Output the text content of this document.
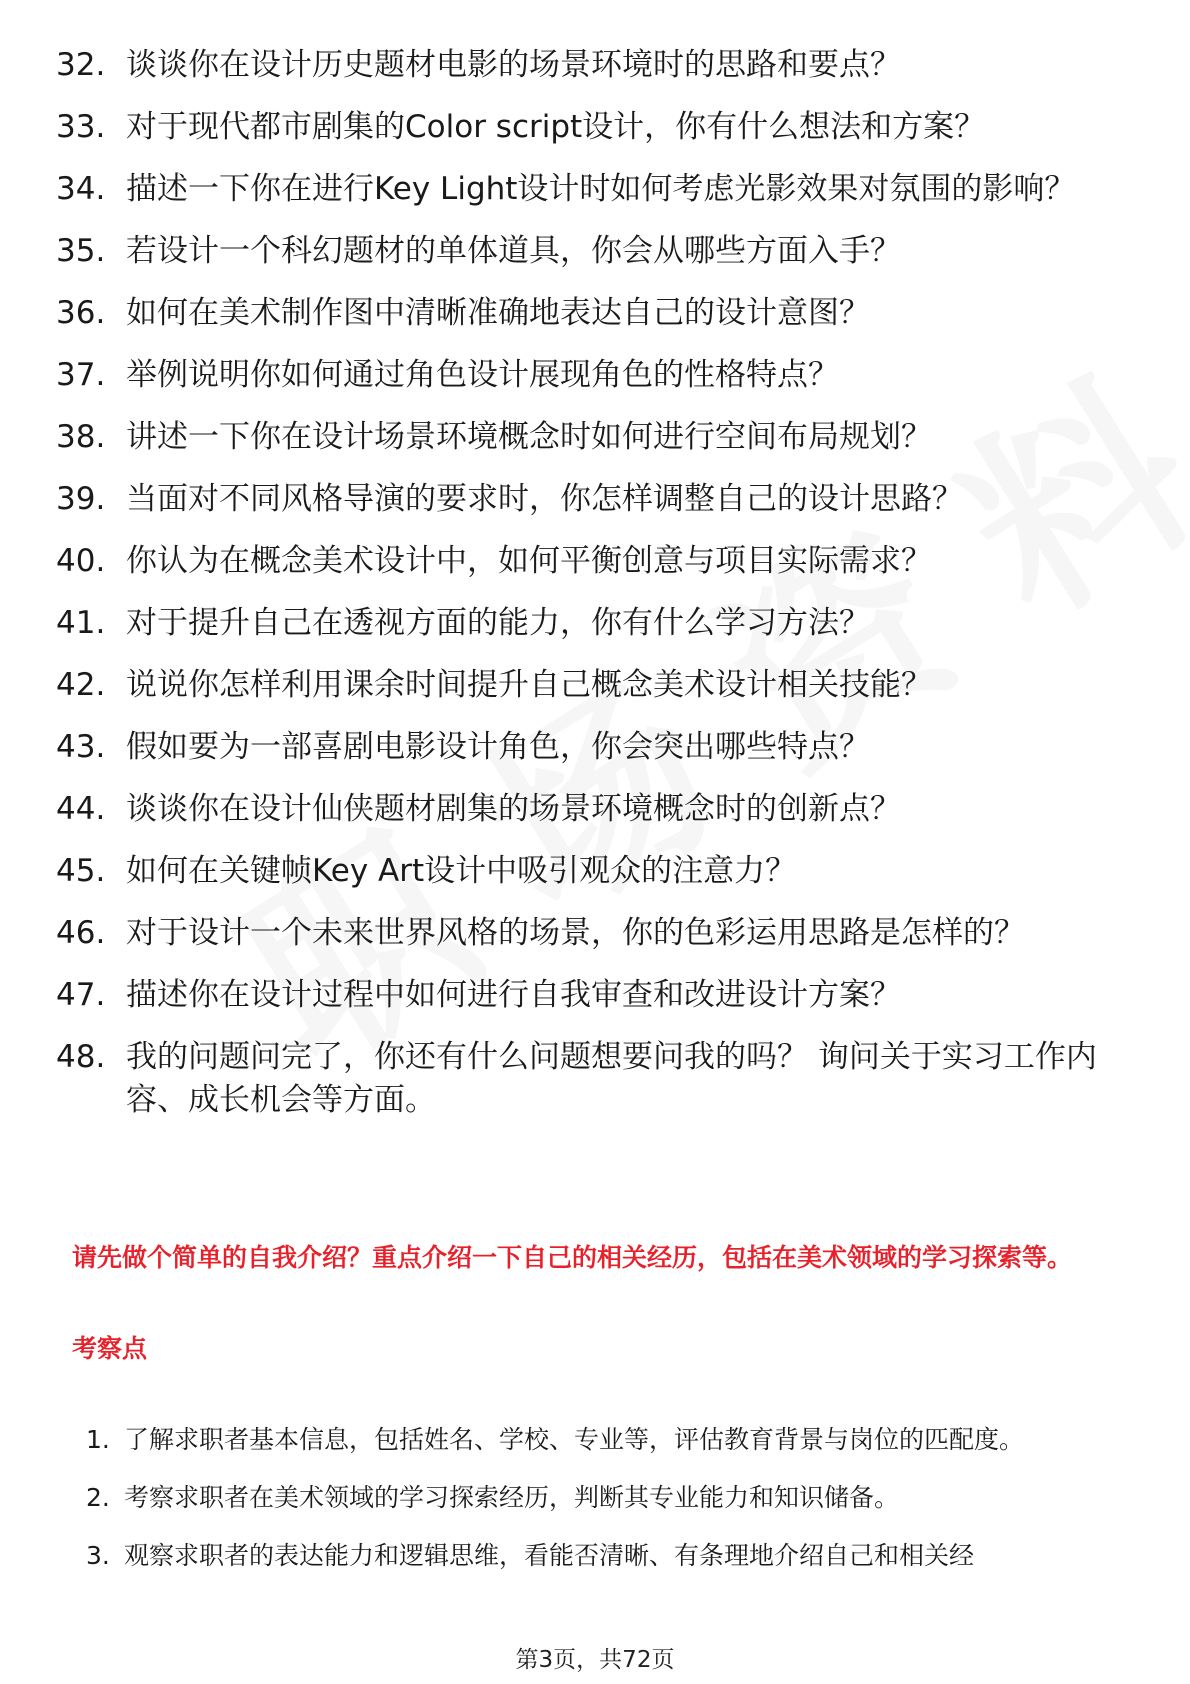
32. 谈谈你在设计历史题材电影的场景环境时的思路和要点？
33. 对于现代都市剧集的Color script设计，你有什么想法和方案？
34. 描述一下你在进行Key Light设计时如何考虑光影效果对氛围的影响？
35. 若设计一个科幻题材的单体道具，你会从哪些方面入手？
36. 如何在美术制作图中清晰准确地表达自己的设计意图？
37. 举例说明你如何通过角色设计展现角色的性格特点？
38. 讲述一下你在设计场景环境概念时如何进行空间布局规划？
39. 当面对不同风格导演的要求时，你怎样调整自己的设计思路？
40. 你认为在概念美术设计中，如何平衡创意与项目实际需求？
41. 对于提升自己在透视方面的能力，你有什么学习方法？
42. 说说你怎样利用课余时间提升自己概念美术设计相关技能？
43. 假如要为一部喜剧电影设计角色，你会突出哪些特点？
44. 谈谈你在设计仙侠题材剧集的场景环境概念时的创新点？
45. 如何在关键帧Key Art设计中吸引观众的注意力？
46. 对于设计一个未来世界风格的场景，你的色彩运用思路是怎样的？
47. 描述你在设计过程中如何进行自我审查和改进设计方案？
48. 我的问题问完了，你还有什么问题想要问我的吗？ 询问关于实习工作内容、成长机会等方面。
请先做个简单的自我介绍？重点介绍一下自己的相关经历，包括在美术领域的学习探索等。
考察点
1. 了解求职者基本信息，包括姓名、学校、专业等，评估教育背景与岗位的匹配度。
2. 考察求职者在美术领域的学习探索经历，判断其专业能力和知识储备。
3. 观察求职者的表达能力和逻辑思维，看能否清晰、有条理地介绍自己和相关经
第3页，共72页
